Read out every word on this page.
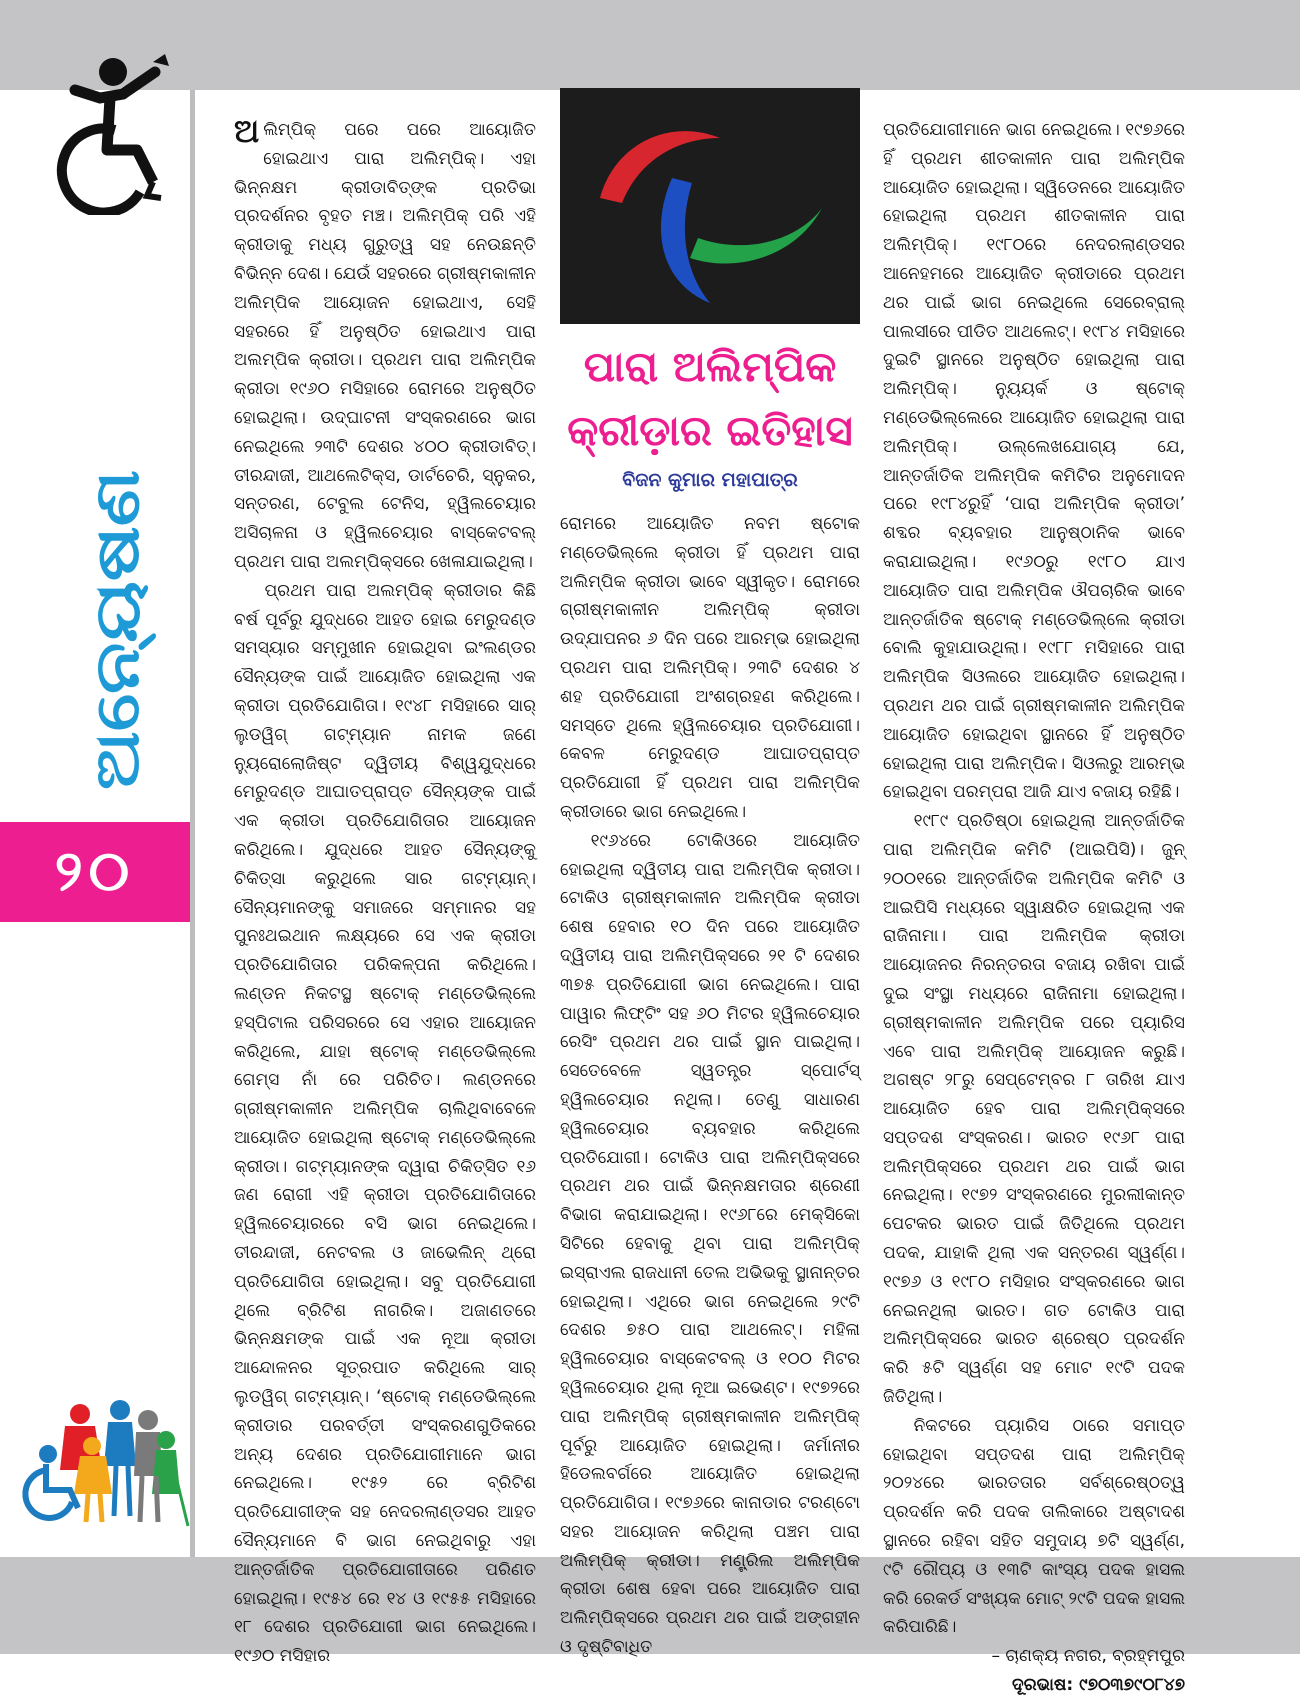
ଅନ୍ୟେଷଣ
୨୦

ଅଲିମ୍ପିକ୍ ପରେ ପରେ ଆୟୋଜିତ ହୋଇଥାଏ ପାରା ଅଲିମ୍ପିକ୍। ଏହା ଭିନ୍ନକ୍ଷମ କ୍ରୀଡାବିତ୍‌ଙ୍କ ପ୍ରତିଭା ପ୍ରଦର୍ଶନର ବୃହତ ମଞ୍ଚ। ଅଲିମ୍ପିକ୍ ପରି ଏହି କ୍ରୀଡାକୁ ମଧ୍ୟ ଗୁରୁତ୍ୱ ସହ ନେଉଛନ୍ତି ବିଭିନ୍ନ ଦେଶ। ଯେଉଁ ସହରରେ ଗ୍ରୀଷ୍ମକାଳୀନ ଅଲିମ୍ପିକ ଆୟୋଜନ ହୋଇଥାଏ, ସେହି ସହରରେ ହିଁ ଅନୁଷ୍ଠିତ ହୋଇଥାଏ ପାରା ଅଲମ୍ପିକ କ୍ରୀଡା। ପ୍ରଥମ ପାରା ଅଲିମ୍ପିକ କ୍ରୀଡା ୧୯୬୦ ମସିହାରେ ରୋମରେ ଅନୁଷ୍ଠିତ ହୋଇଥିଲା। ଉଦ୍‌ଘାଟନୀ ସଂସ୍କରଣରେ ଭାଗ ନେଇଥିଲେ ୨୩ଟି ଦେଶର ୪୦୦ କ୍ରୀଡାବିତ୍। ତୀରନ୍ଦାଜୀ, ଆଥଲେଟିକ୍ସ, ଡାର୍ଟଚେରି, ସ୍ନୁକର, ସନ୍ତରଣ, ଟେବୁଲ ଟେନିସ, ହ୍ୱିଲଚେୟାର ଅସିଚାଳନା ଓ ହ୍ୱିଲଚେୟାର ବାସ୍କେଟବଲ୍ ପ୍ରଥମ ପାରା ଅଲମ୍ପିକ୍ସରେ ଖେଳାଯାଇଥିଲା।

ପ୍ରଥମ ପାରା ଅଲମ୍ପିକ୍ କ୍ରୀଡାର କିଛି ବର୍ଷ ପୂର୍ବରୁ ଯୁଦ୍ଧରେ ଆହତ ହୋଇ ମେରୁଦଣ୍ଡ ସମସ୍ୟାର ସମ୍ମୁଖୀନ ହୋଇଥିବା ଇଂଲଣ୍ଡର ସୈନ୍ୟଙ୍କ ପାଇଁ ଆୟୋଜିତ ହୋଇଥିଲା ଏକ କ୍ରୀଡା ପ୍ରତିଯୋଗିତା। ୧୯୪୮ ମସିହାରେ ସାର୍ ଲୁଡୱିଗ୍ ଗଟ୍‌ମ୍ୟାନ ନାମକ ଜଣେ ନ୍ୟୁରୋଲୋଜିଷ୍ଟ ଦ୍ୱିତୀୟ ବିଶ୍ୱଯୁଦ୍ଧରେ ମେରୁଦଣ୍ଡ ଆଘାତପ୍ରାପ୍ତ ସୈନ୍ୟଙ୍କ ପାଇଁ ଏକ କ୍ରୀଡା ପ୍ରତିଯୋଗିତାର ଆୟୋଜନ କରିଥିଲେ। ଯୁଦ୍ଧରେ ଆହତ ସୈନ୍ୟଙ୍କୁ ଚିକିତ୍ସା କରୁଥିଲେ ସାର ଗଟ୍‌ମ୍ୟାନ୍। ସୈନ୍ୟମାନଙ୍କୁ ସମାଜରେ ସମ୍ମାନର ସହ ପୁନଃଥଇଥାନ ଲକ୍ଷ୍ୟରେ ସେ ଏକ କ୍ରୀଡା ପ୍ରତିଯୋଗିତାର ପରିକଳ୍ପନା କରିଥିଲେ। ଲଣ୍ଡନ ନିକଟସ୍ଥ ଷ୍ଟୋକ୍ ମଣ୍ଡେଭିଲ୍ଲେ ହସ୍ପିଟାଲ ପରିସରରେ ସେ ଏହାର ଆୟୋଜନ କରିଥିଲେ, ଯାହା ଷ୍ଟୋକ୍ ମଣ୍ଡେଭିଲ୍ଲେ ଗେମ୍ସ ନାଁ ରେ ପରିଚିତ। ଲଣ୍ଡନରେ ଗ୍ରୀଷ୍ମକାଳୀନ ଅଲିମ୍ପିକ ଚାଲିଥିବାବେଳେ ଆୟୋଜିତ ହୋଇଥିଲା ଷ୍ଟୋକ୍ ମଣ୍ଡେଭିଲ୍ଲେ କ୍ରୀଡା। ଗଟ୍‌ମ୍ୟାନଙ୍କ ଦ୍ୱାରା ଚିକିତ୍ସିତ ୧୬ ଜଣ ରୋଗୀ ଏହି କ୍ରୀଡା ପ୍ରତିଯୋଗିତାରେ ହ୍ୱିଲଚେୟାରରେ ବସି ଭାଗ ନେଇଥିଲେ। ତୀରନ୍ଦାଜୀ, ନେଟବଲ ଓ ଜାଭେଲିନ୍ ଥ୍ରୋ ପ୍ରତିଯୋଗିତା ହୋଇଥିଲା। ସବୁ ପ୍ରତିଯୋଗୀ ଥିଲେ ବ୍ରିଟିଶ ନାଗରିକ। ଅଜାଣତରେ ଭିନ୍ନକ୍ଷମଙ୍କ ପାଇଁ ଏକ ନୂଆ କ୍ରୀଡା ଆନ୍ଦୋଳନର ସୂତ୍ରପାତ କରିଥିଲେ ସାର୍ ଲୁଡୱିଗ୍ ଗଟ୍‌ମ୍ୟାନ୍। ‘ଷ୍ଟୋକ୍ ମଣ୍ଡେଭିଲ୍ଲେ କ୍ରୀଡାର ପରବର୍ତ୍ତୀ ସଂସ୍କରଣଗୁଡିକରେ ଅନ୍ୟ ଦେଶର ପ୍ରତିଯୋଗୀମାନେ ଭାଗ ନେଇଥିଲେ। ୧୯୫୨ ରେ ବ୍ରିଟିଶ ପ୍ରତିଯୋଗୀଙ୍କ ସହ ନେଦରଲାଣ୍ଡସର ଆହତ ସୈନ୍ୟମାନେ ବି ଭାଗ ନେଇଥିବାରୁ ଏହା ଆନ୍ତର୍ଜାତିକ ପ୍ରତିଯୋଗୀତାରେ ପରିଣତ ହୋଇଥିଲା। ୧୯୫୪ ରେ ୧୪ ଓ ୧୯୫୫ ମସିହାରେ ୧୮ ଦେଶର ପ୍ରତିଯୋଗୀ ଭାଗ ନେଇଥିଲେ। ୧୯୬୦ ମସିହାର

ପାରା ଅଲିମ୍ପିକ
କ୍ରୀଡ଼ାର ଇତିହାସ
ବିଜନ କୁମାର ମହାପାତ୍ର

ରୋମରେ ଆୟୋଜିତ ନବମ ଷ୍ଟୋକ ମଣ୍ଡେଭିଲ୍ଲେ କ୍ରୀଡା ହିଁ ପ୍ରଥମ ପାରା ଅଲିମ୍ପିକ କ୍ରୀଡା ଭାବେ ସ୍ୱୀକୃତ। ରୋମରେ ଗ୍ରୀଷ୍ମକାଳୀନ ଅଲିମ୍ପିକ୍ କ୍ରୀଡା ଉଦ୍‌ଯାପନର ୬ ଦିନ ପରେ ଆରମ୍ଭ ହୋଇଥିଲା ପ୍ରଥମ ପାରା ଅଲିମ୍ପିକ୍। ୨୩ଟି ଦେଶର ୪ ଶହ ପ୍ରତିଯୋଗୀ ଅଂଶଗ୍ରହଣ କରିଥିଲେ। ସମସ୍ତେ ଥିଲେ ହ୍ୱିଲଚେୟାର ପ୍ରତିଯୋଗୀ। କେବଳ ମେରୁଦଣ୍ଡ ଆଘାତପ୍ରାପ୍ତ ପ୍ରତିଯୋଗୀ ହିଁ ପ୍ରଥମ ପାରା ଅଲିମ୍ପିକ କ୍ରୀଡାରେ ଭାଗ ନେଇଥିଲେ।

୧୯୬୪ରେ ଟୋକିଓରେ ଆୟୋଜିତ ହୋଇଥିଲା ଦ୍ୱିତୀୟ ପାରା ଅଲିମ୍ପିକ କ୍ରୀଡା। ଟୋକିଓ ଗ୍ରୀଷ୍ମକାଳୀନ ଅଲିମ୍ପିକ କ୍ରୀଡା ଶେଷ ହେବାର ୧୦ ଦିନ ପରେ ଆୟୋଜିତ ଦ୍ୱିତୀୟ ପାରା ଅଲିମ୍ପିକ୍ସରେ ୨୧ ଟି ଦେଶର ୩୭୫ ପ୍ରତିଯୋଗୀ ଭାଗ ନେଇଥିଲେ। ପାରା ପାୱାର ଲିଫ୍ଟିଂ ସହ ୬୦ ମିଟର ହ୍ୱିଲଚେୟାର ରେସିଂ ପ୍ରଥମ ଥର ପାଇଁ ସ୍ଥାନ ପାଇଥିଲା। ସେତେବେଳେ ସ୍ୱତନ୍ତ୍ର ସ୍ପୋର୍ଟସ୍ ହ୍ୱିଲଚେୟାର ନଥିଲା। ତେଣୁ ସାଧାରଣ ହ୍ୱିଲଚେୟାର ବ୍ୟବହାର କରିଥିଲେ ପ୍ରତିଯୋଗୀ। ଟୋକିଓ ପାରା ଅଲିମ୍ପିକ୍ସରେ ପ୍ରଥମ ଥର ପାଇଁ ଭିନ୍ନକ୍ଷମତାର ଶ୍ରେଣୀ ବିଭାଗ କରାଯାଇଥିଲା। ୧୯୬୮ରେ ମେକ୍ସିକୋ ସିଟିରେ ହେବାକୁ ଥିବା ପାରା ଅଲିମ୍ପିକ୍ ଇସ୍ରାଏଲ ରାଜଧାନୀ ତେଲ ଅଭିଭକୁ ସ୍ଥାନାନ୍ତର ହୋଇଥିଲା। ଏଥିରେ ଭାଗ ନେଇଥିଲେ ୨୯ଟି ଦେଶର ୭୫୦ ପାରା ଆଥଲେଟ୍। ମହିଳା ହ୍ୱିଲଚେୟାର ବାସ୍କେଟବଲ୍ ଓ ୧୦୦ ମିଟର ହ୍ୱିଲଚେୟାର ଥିଲା ନୂଆ ଇଭେଣ୍ଟ। ୧୯୭୨ରେ ପାରା ଅଲିମ୍ପିକ୍ ଗ୍ରୀଷ୍ମକାଳୀନ ଅଲିମ୍ପିକ୍ ପୂର୍ବରୁ ଆୟୋଜିତ ହୋଇଥିଲା। ଜର୍ମାନୀର ହିଡେଲବର୍ଗରେ ଆୟୋଜିତ ହୋଇଥିଲା ପ୍ରତିଯୋଗିତା। ୧୯୭୬ରେ କାନାଡାର ଟରଣ୍ଟୋ ସହର ଆୟୋଜନ କରିଥିଲା ପଞ୍ଚମ ପାରା ଅଲିମ୍ପିକ୍ କ୍ରୀଡା। ମଣ୍ଟ୍ରିଲ ଅଲିମ୍ପିକ କ୍ରୀଡା ଶେଷ ହେବା ପରେ ଆୟୋଜିତ ପାରା ଅଲିମ୍ପିକ୍ସରେ ପ୍ରଥମ ଥର ପାଇଁ ଅଙ୍ଗହୀନ ଓ ଦୃଷ୍ଟିବାଧିତ

ପ୍ରତିଯୋଗୀମାନେ ଭାଗ ନେଇଥିଲେ। ୧୯୭୬ରେ ହିଁ ପ୍ରଥମ ଶୀତକାଳୀନ ପାରା ଅଲିମ୍ପିକ ଆୟୋଜିତ ହୋଇଥିଲା। ସ୍ୱିଡେନରେ ଆୟୋଜିତ ହୋଇଥିଲା ପ୍ରଥମ ଶୀତକାଳୀନ ପାରା ଅଲିମ୍ପିକ୍। ୧୯୮୦ରେ ନେଦରଲାଣ୍ଡସର ଆନେହମରେ ଆୟୋଜିତ କ୍ରୀଡାରେ ପ୍ରଥମ ଥର ପାଇଁ ଭାଗ ନେଇଥିଲେ ସେରେବ୍ରାଲ୍ ପାଲସୀରେ ପୀଡିତ ଆଥଲେଟ୍। ୧୯୮୪ ମସିହାରେ ଦୁଇଟି ସ୍ଥାନରେ ଅନୁଷ୍ଠିତ ହୋଇଥିଲା ପାରା ଅଲିମ୍ପିକ୍। ନ୍ୟୁୟର୍କ ଓ ଷ୍ଟୋକ୍ ମଣ୍ଡେଭିଲ୍ଲେରେ ଆୟୋଜିତ ହୋଇଥିଲା ପାରା ଅଲିମ୍ପିକ୍। ଉଲ୍ଲେଖଯୋଗ୍ୟ ଯେ, ଆନ୍ତର୍ଜାତିକ ଅଲିମ୍ପିକ କମିଟିର ଅନୁମୋଦନ ପରେ ୧୯୮୪ରୁହିଁ ‘ପାରା ଅଲିମ୍ପିକ କ୍ରୀଡା’ ଶବ୍ଦର ବ୍ୟବହାର ଆନୁଷ୍ଠାନିକ ଭାବେ କରାଯାଇଥିଲା। ୧୯୬୦ରୁ ୧୯୮୦ ଯାଏ ଆୟୋଜିତ ପାରା ଅଲିମ୍ପିକ ଔପଚାରିକ ଭାବେ ଆନ୍ତର୍ଜାତିକ ଷ୍ଟୋକ୍ ମଣ୍ଡେଭିଲ୍ଲେ କ୍ରୀଡା ବୋଲି କୁହାଯାଉଥିଲା। ୧୯୮୮ ମସିହାରେ ପାରା ଅଲିମ୍ପିକ ସିଓଲରେ ଆୟୋଜିତ ହୋଇଥିଲା। ପ୍ରଥମ ଥର ପାଇଁ ଗ୍ରୀଷ୍ମକାଳୀନ ଅଲିମ୍ପିକ ଆୟୋଜିତ ହୋଇଥିବା ସ୍ଥାନରେ ହିଁ ଅନୁଷ୍ଠିତ ହୋଇଥିଲା ପାରା ଅଲିମ୍ପିକ। ସିଓଲରୁ ଆରମ୍ଭ ହୋଇଥିବା ପରମ୍ପରା ଆଜି ଯାଏ ବଜାୟ ରହିଛି।

୧୯୮୯ ପ୍ରତିଷ୍ଠା ହୋଇଥିଲା ଆନ୍ତର୍ଜାତିକ ପାରା ଅଲିମ୍ପିକ କମିଟି (ଆଇପିସି)। ଜୁନ୍ ୨୦୦୧ରେ ଆନ୍ତର୍ଜାତିକ ଅଲିମ୍ପିକ କମିଟି ଓ ଆଇପିସି ମଧ୍ୟରେ ସ୍ୱାକ୍ଷରିତ ହୋଇଥିଲା ଏକ ରାଜିନାମା। ପାରା ଅଲିମ୍ପିକ କ୍ରୀଡା ଆୟୋଜନର ନିରନ୍ତରତା ବଜାୟ ରଖିବା ପାଇଁ ଦୁଇ ସଂସ୍ଥା ମଧ୍ୟରେ ରାଜିନାମା ହୋଇଥିଲା। ଗ୍ରୀଷ୍ମକାଳୀନ ଅଲିମ୍ପିକ ପରେ ପ୍ୟାରିସ ଏବେ ପାରା ଅଲିମ୍ପିକ୍ ଆୟୋଜନ କରୁଛି। ଅଗଷ୍ଟ ୨୮ରୁ ସେପ୍ଟେମ୍ବର ୮ ତାରିଖ ଯାଏ ଆୟୋଜିତ ହେବ ପାରା ଅଲିମ୍ପିକ୍ସରେ ସପ୍ତଦଶ ସଂସ୍କରଣ। ଭାରତ ୧୯୬୮ ପାରା ଅଲିମ୍ପିକ୍ସରେ ପ୍ରଥମ ଥର ପାଇଁ ଭାଗ ନେଇଥିଲା। ୧୯୭୨ ସଂସ୍କରଣରେ ମୁରଲୀକାନ୍ତ ପେଟକର ଭାରତ ପାଇଁ ଜିତିଥିଲେ ପ୍ରଥମ ପଦକ, ଯାହାକି ଥିଲା ଏକ ସନ୍ତରଣ ସ୍ୱର୍ଣ୍ଣ। ୧୯୭୬ ଓ ୧୯୮୦ ମସିହାର ସଂସ୍କରଣରେ ଭାଗ ନେଇନଥିଲା ଭାରତ। ଗତ ଟୋକିଓ ପାରା ଅଲିମ୍ପିକ୍ସରେ ଭାରତ ଶ୍ରେଷ୍ଠ ପ୍ରଦର୍ଶନ କରି ୫ଟି ସ୍ୱର୍ଣ୍ଣ ସହ ମୋଟ ୧୯ଟି ପଦକ ଜିତିଥିଲା।

ନିକଟରେ ପ୍ୟାରିସ ଠାରେ ସମାପ୍ତ ହୋଇଥିବା ସପ୍ତଦଶ ପାରା ଅଲିମ୍ପିକ୍ ୨୦୨୪ରେ ଭାରତତାର ସର୍ବଶ୍ରେଷ୍ଠତ୍ୱ ପ୍ରଦର୍ଶନ କରି ପଦକ ତାଲିକାରେ ଅଷ୍ଟାଦଶ ସ୍ଥାନରେ ରହିବା ସହିତ ସମୁଦାୟ ୭ଟି ସ୍ୱର୍ଣ୍ଣ, ୯ଟି ରୌପ୍ୟ ଓ ୧୩ଟି କାଂସ୍ୟ ପଦକ ହାସଲ କରି ରେକର୍ଡ ସଂଖ୍ୟକ ମୋଟ୍ ୨୯ଟି ପଦକ ହାସଲ କରିପାରିଛି।

– ଚାଣକ୍ୟ ନଗର, ବ୍ରହ୍ମପୁର
ଦୂରଭାଷ: ୯୭୦୩୭୯୦୮୪୭
